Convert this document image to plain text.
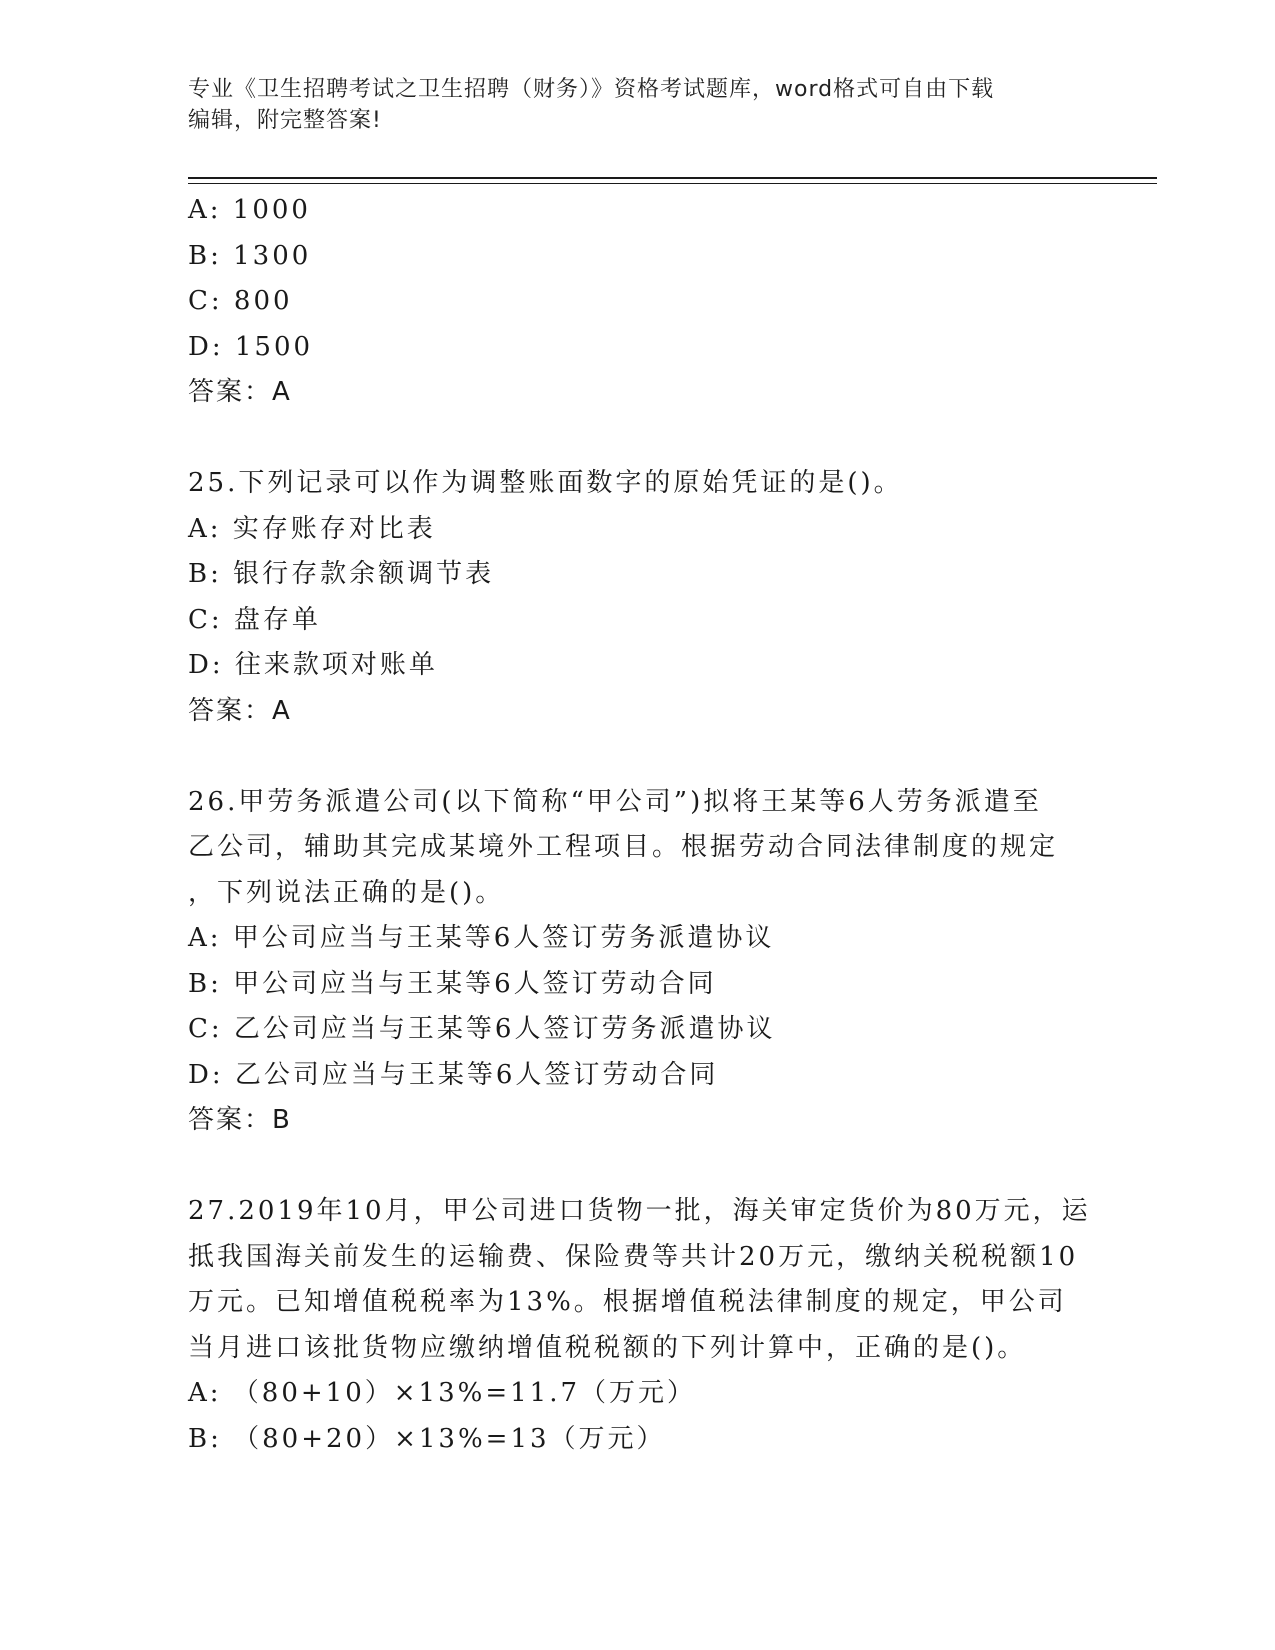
专业《卫生招聘考试之卫生招聘（财务）》资格考试题库，word格式可自由下载
编辑，附完整答案!
A: 1000
B: 1300
C: 800
D: 1500
答案：A
25.下列记录可以作为调整账面数字的原始凭证的是()。
A: 实存账存对比表
B: 银行存款余额调节表
C: 盘存单
D: 往来款项对账单
答案：A
26.甲劳务派遣公司(以下简称“甲公司”)拟将王某等6人劳务派遣至
乙公司，辅助其完成某境外工程项目。根据劳动合同法律制度的规定
，下列说法正确的是()。
A: 甲公司应当与王某等6人签订劳务派遣协议
B: 甲公司应当与王某等6人签订劳动合同
C: 乙公司应当与王某等6人签订劳务派遣协议
D: 乙公司应当与王某等6人签订劳动合同
答案：B
27.2019年10月，甲公司进口货物一批，海关审定货价为80万元，运
抵我国海关前发生的运输费、保险费等共计20万元，缴纳关税税额10
万元。已知增值税税率为13%。根据增值税法律制度的规定，甲公司
当月进口该批货物应缴纳增值税税额的下列计算中，正确的是()。
A: （80+10）×13%=11.7（万元）
B: （80+20）×13%=13（万元）
